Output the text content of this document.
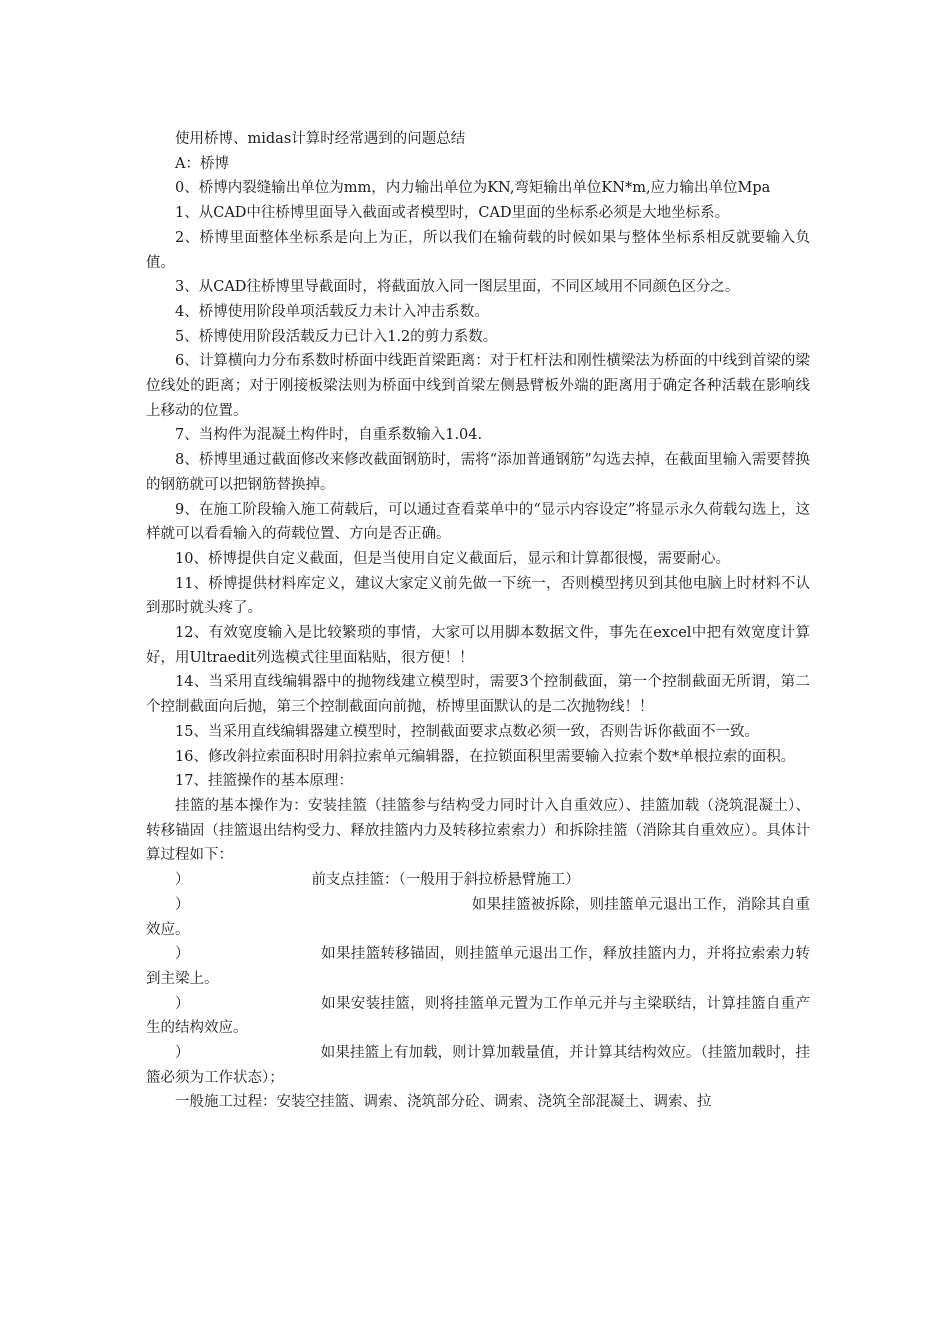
使用桥博、midas计算时经常遇到的问题总结

A：桥博

0、桥博内裂缝输出单位为mm，内力输出单位为KN,弯矩输出单位KN*m,应力输出单位Mpa

1、从CAD中往桥博里面导入截面或者模型时，CAD里面的坐标系必须是大地坐标系。

2、桥博里面整体坐标系是向上为正，所以我们在输荷载的时候如果与整体坐标系相反就要输入负值。

3、从CAD往桥博里导截面时，将截面放入同一图层里面，不同区域用不同颜色区分之。

4、桥博使用阶段单项活载反力未计入冲击系数。

5、桥博使用阶段活载反力已计入1.2的剪力系数。

6、计算横向力分布系数时桥面中线距首梁距离：对于杠杆法和刚性横梁法为桥面的中线到首梁的梁位线处的距离；对于刚接板梁法则为桥面中线到首梁左侧悬臂板外端的距离用于确定各种活载在影响线上移动的位置。

7、当构件为混凝土构件时，自重系数输入1.04.

8、桥博里通过截面修改来修改截面钢筋时，需将“添加普通钢筋”勾选去掉，在截面里输入需要替换的钢筋就可以把钢筋替换掉。

9、在施工阶段输入施工荷载后，可以通过查看菜单中的“显示内容设定”将显示永久荷载勾选上，这样就可以看看输入的荷载位置、方向是否正确。

10、桥博提供自定义截面，但是当使用自定义截面后，显示和计算都很慢，需要耐心。

11、桥博提供材料库定义，建议大家定义前先做一下统一，否则模型拷贝到其他电脑上时材料不认到那时就头疼了。

12、有效宽度输入是比较繁琐的事情，大家可以用脚本数据文件，事先在excel中把有效宽度计算好，用Ultraedit列选模式往里面粘贴，很方便！！

14、当采用直线编辑器中的抛物线建立模型时，需要3个控制截面，第一个控制截面无所谓，第二个控制截面向后抛，第三个控制截面向前抛，桥博里面默认的是二次抛物线！！

15、当采用直线编辑器建立模型时，控制截面要求点数必须一致，否则告诉你截面不一致。

16、修改斜拉索面积时用斜拉索单元编辑器，在拉锁面积里需要输入拉索个数*单根拉索的面积。

17、挂篮操作的基本原理：

挂篮的基本操作为：安装挂篮（挂篮参与结构受力同时计入自重效应）、挂篮加载（浇筑混凝土）、转移锚固（挂篮退出结构受力、释放挂篮内力及转移拉索索力）和拆除挂篮（消除其自重效应）。具体计算过程如下：

）	前支点挂篮：（一般用于斜拉桥悬臂施工）

）	如果挂篮被拆除，则挂篮单元退出工作，消除其自重效应。

）	如果挂篮转移锚固，则挂篮单元退出工作，释放挂篮内力，并将拉索索力转到主梁上。

）	如果安装挂篮，则将挂篮单元置为工作单元并与主梁联结，计算挂篮自重产生的结构效应。

）	如果挂篮上有加载，则计算加载量值，并计算其结构效应。（挂篮加载时，挂篮必须为工作状态）；

一般施工过程：安装空挂篮、调索、浇筑部分砼、调索、浇筑全部混凝土、调索、拉
